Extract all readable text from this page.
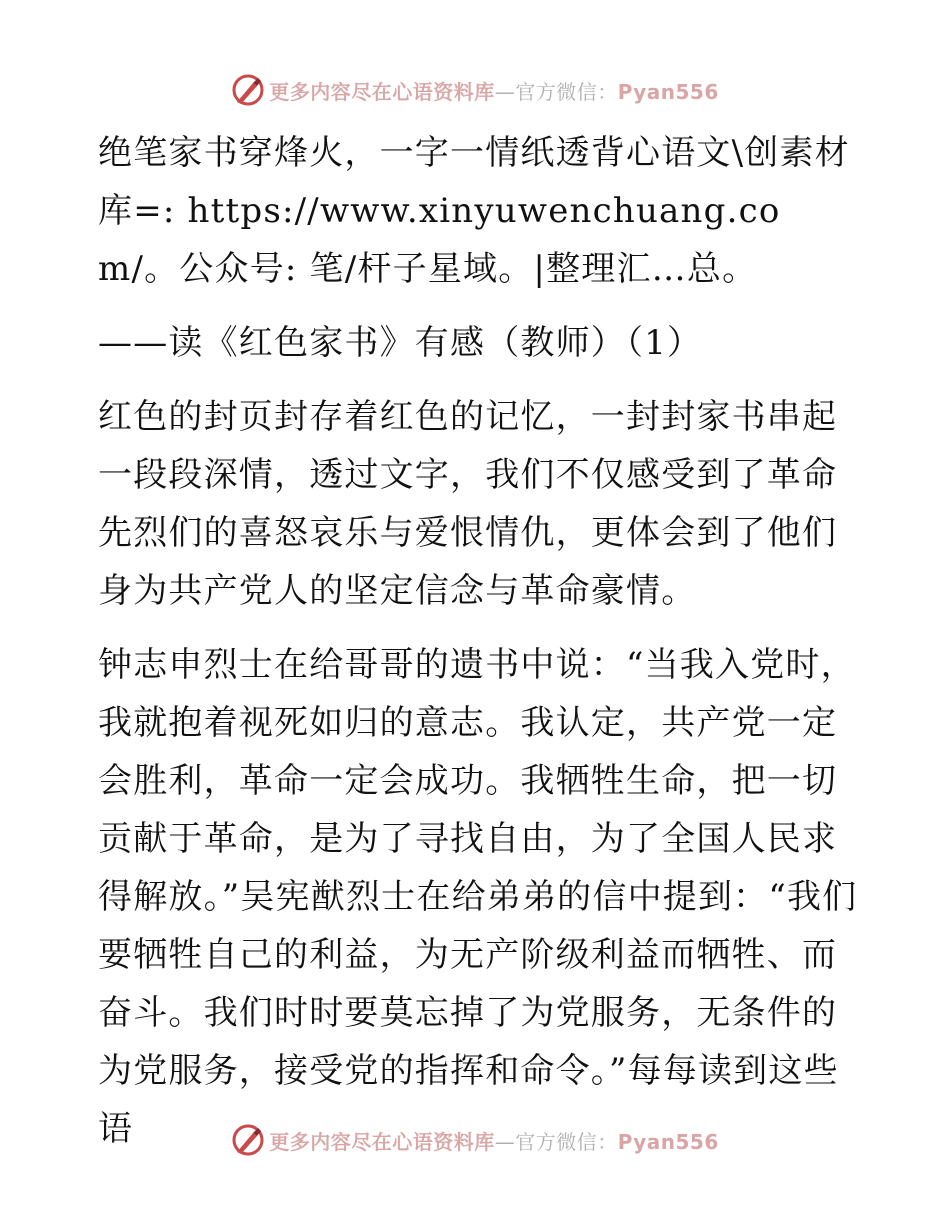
更多内容尽在心语资料库—官方微信：Pyan556

绝笔家书穿烽火，一字一情纸透背心语文\创素材库=: https://www.xinyuwenchuang.com/。公众号: 笔/杆子星域。|整理汇…总。

——读《红色家书》有感（教师）（1）

红色的封页封存着红色的记忆，一封封家书串起一段段深情，透过文字，我们不仅感受到了革命先烈们的喜怒哀乐与爱恨情仇，更体会到了他们身为共产党人的坚定信念与革命豪情。

钟志申烈士在给哥哥的遗书中说：“当我入党时，我就抱着视死如归的意志。我认定，共产党一定会胜利，革命一定会成功。我牺牲生命，把一切贡献于革命，是为了寻找自由，为了全国人民求得解放。”吴宪猷烈士在给弟弟的信中提到：“我们要牺牲自己的利益，为无产阶级利益而牺牲、而奋斗。我们时时要莫忘掉了为党服务，无条件的为党服务，接受党的指挥和命令。”每每读到这些语	更多内容尽在心语资料库—官方微信：Pyan556
